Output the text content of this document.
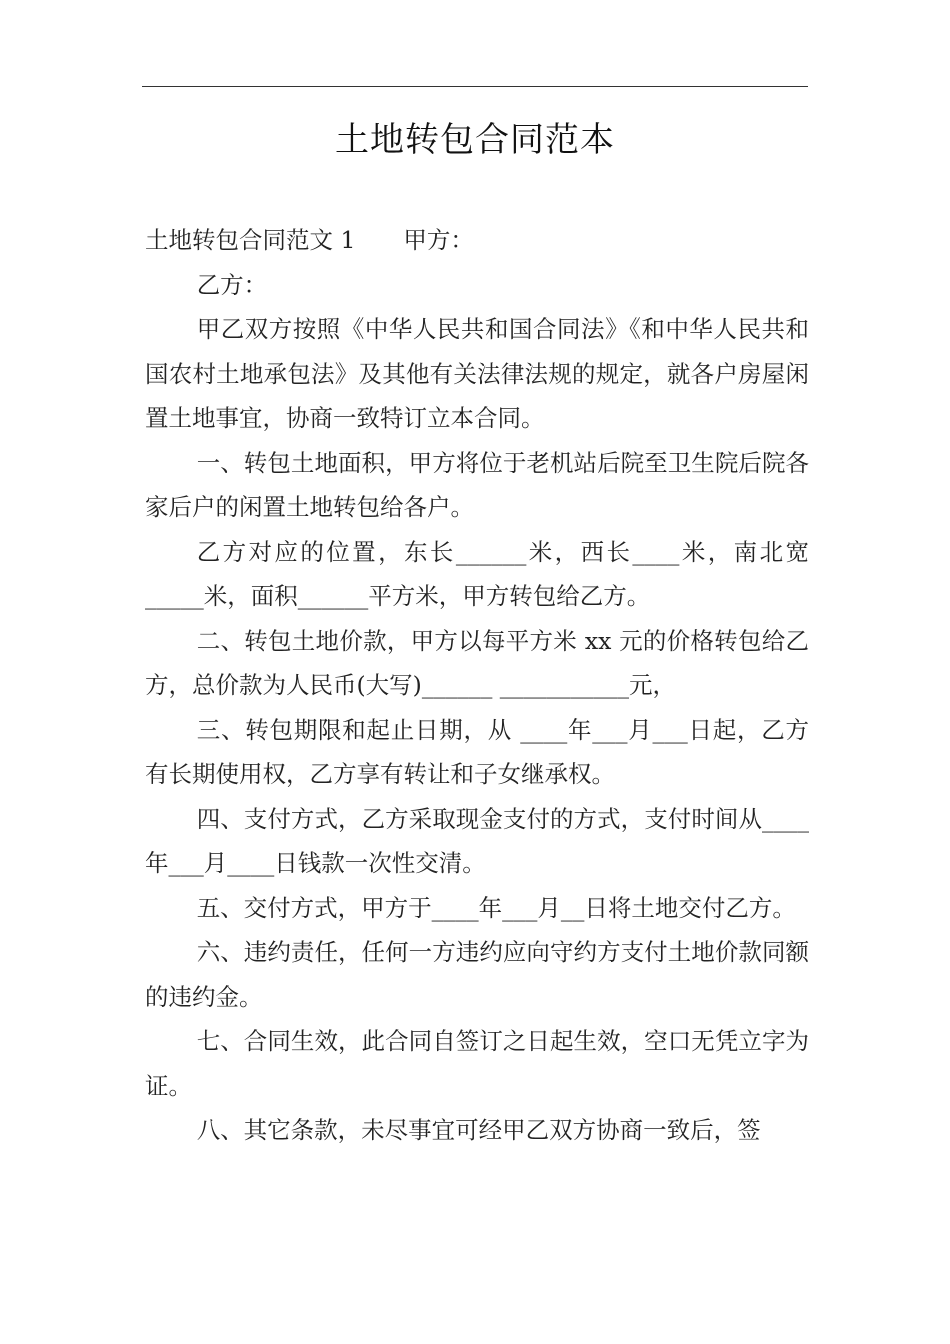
土地转包合同范本

土地转包合同范文 1 甲方：

乙方：

甲乙双方按照《中华人民共和国合同法》《和中华人民共和国农村土地承包法》及其他有关法律法规的规定，就各户房屋闲置土地事宜，协商一致特订立本合同。

一、转包土地面积，甲方将位于老机站后院至卫生院后院各家后户的闲置土地转包给各户。

乙方对应的位置，东长______米，西长____米，南北宽_____米，面积______平方米，甲方转包给乙方。

二、转包土地价款，甲方以每平方米 xx 元的价格转包给乙方，总价款为人民币(大写)______ ___________元，

三、转包期限和起止日期，从 ____年___月___日起，乙方有长期使用权，乙方享有转让和子女继承权。

四、支付方式，乙方采取现金支付的方式，支付时间从____年___月____日钱款一次性交清。

五、交付方式，甲方于____年___月__日将土地交付乙方。

六、违约责任，任何一方违约应向守约方支付土地价款同额的违约金。

七、合同生效，此合同自签订之日起生效，空口无凭立字为证。

八、其它条款，未尽事宜可经甲乙双方协商一致后，签
